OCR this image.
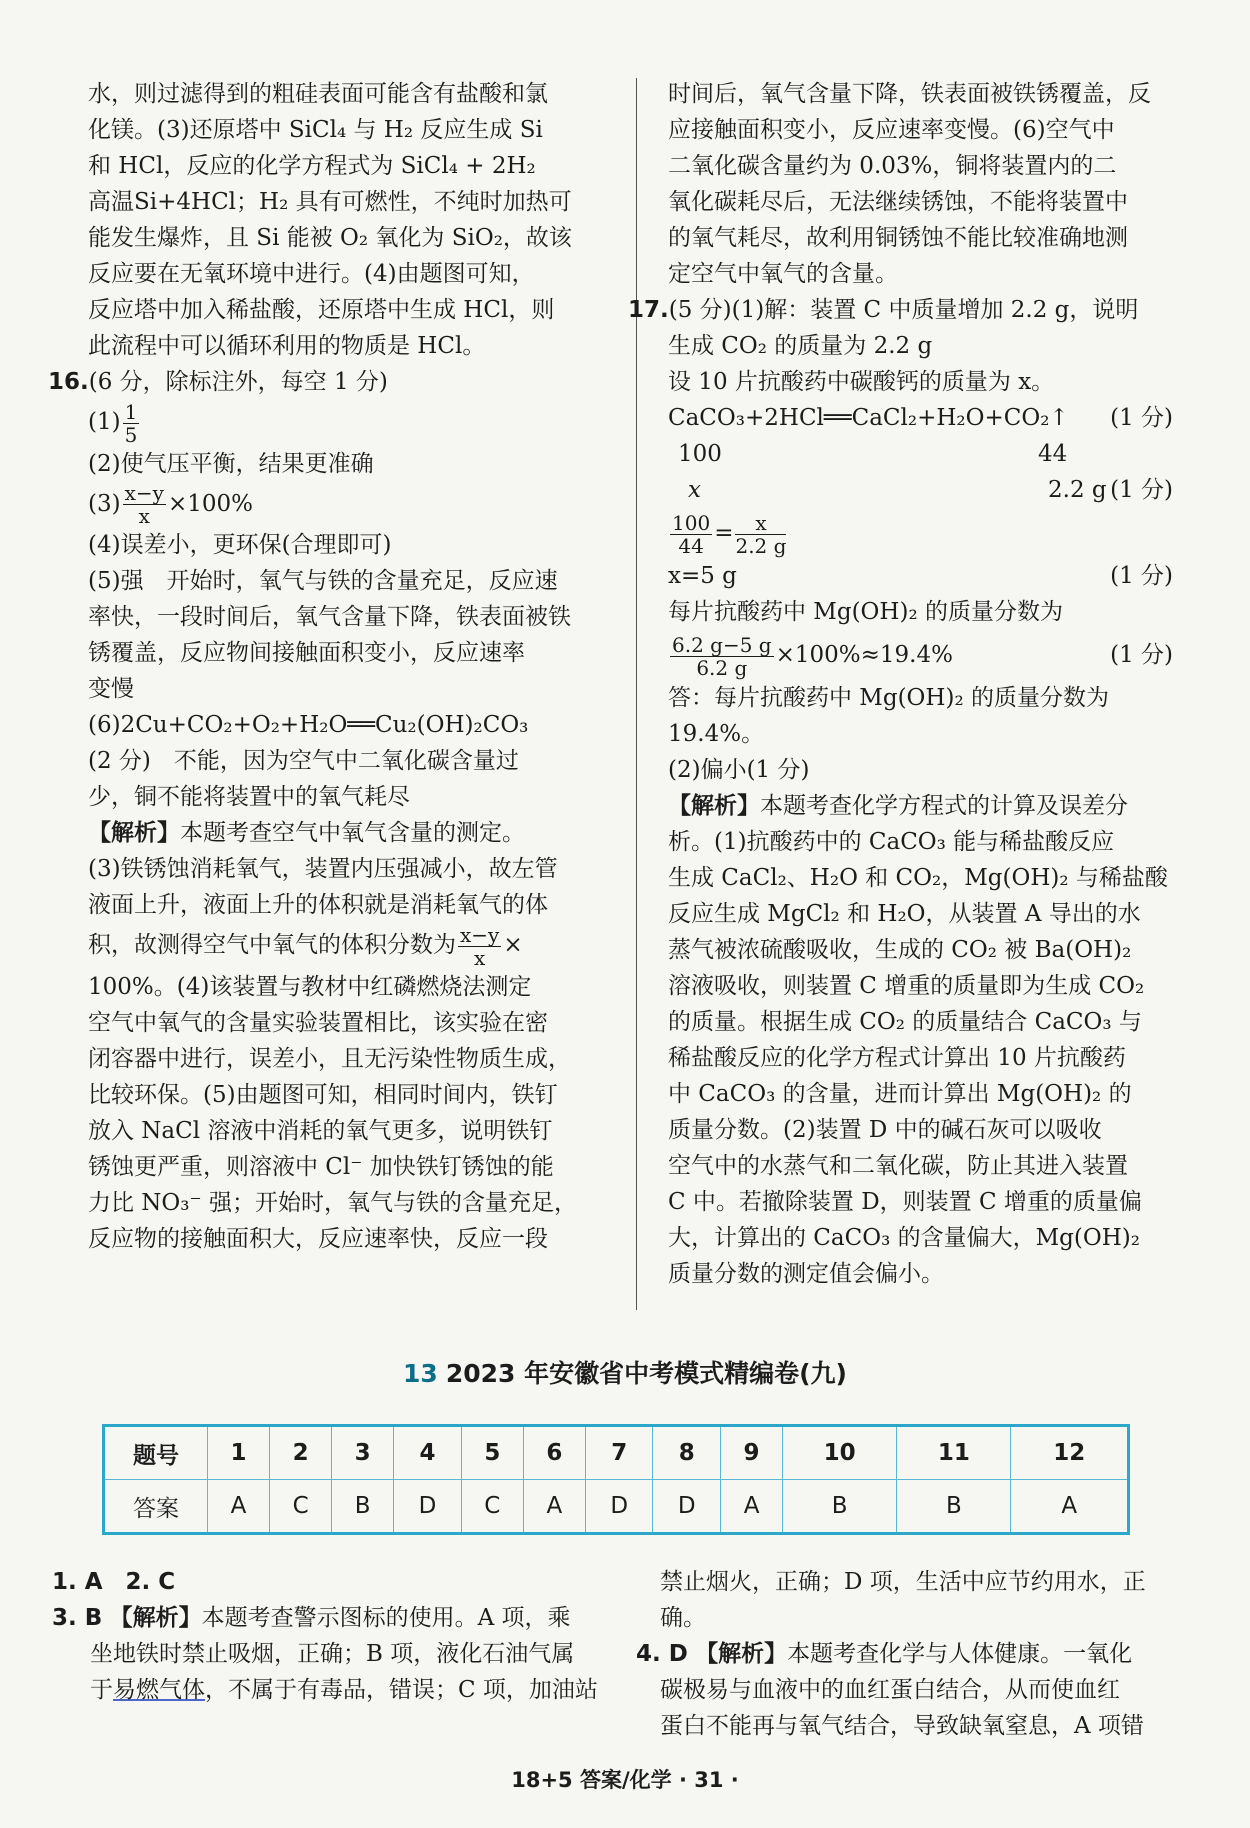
水，则过滤得到的粗硅表面可能含有盐酸和氯
化镁。(3)还原塔中 SiCl₄ 与 H₂ 反应生成 Si
和 HCl，反应的化学方程式为 SiCl₄ + 2H₂
高温Si+4HCl；H₂ 具有可燃性，不纯时加热可
能发生爆炸，且 Si 能被 O₂ 氧化为 SiO₂，故该
反应要在无氧环境中进行。(4)由题图可知，
反应塔中加入稀盐酸，还原塔中生成 HCl，则
此流程中可以循环利用的物质是 HCl。
16.(6 分，除标注外，每空 1 分)
$(1) \frac{1}{5}$
(2)使气压平衡，结果更准确
$(3) \frac{x-y}{x} \times 100\%$
(4)误差小，更环保(合理即可)
(5)强　开始时，氧气与铁的含量充足，反应速
率快，一段时间后，氧气含量下降，铁表面被铁
锈覆盖，反应物间接触面积变小，反应速率
变慢
(6)2Cu+CO₂+O₂+H₂O══Cu₂(OH)₂CO₃
(2 分)　不能，因为空气中二氧化碳含量过
少，铜不能将装置中的氧气耗尽
【解析】本题考查空气中氧气含量的测定。
(3)铁锈蚀消耗氧气，装置内压强减小，故左管
液面上升，液面上升的体积就是消耗氧气的体
积，故测得空气中氧气的体积分数为 $\frac{x-y}{x}$ ×
100%。(4)该装置与教材中红磷燃烧法测定
空气中氧气的含量实验装置相比，该实验在密
闭容器中进行，误差小，且无污染性物质生成，
比较环保。(5)由题图可知，相同时间内，铁钉
放入 NaCl 溶液中消耗的氧气更多，说明铁钉
锈蚀更严重，则溶液中 Cl⁻ 加快铁钉锈蚀的能
力比 NO₃⁻ 强；开始时，氧气与铁的含量充足，
反应物的接触面积大，反应速率快，反应一段
时间后，氧气含量下降，铁表面被铁锈覆盖，反
应接触面积变小，反应速率变慢。(6)空气中
二氧化碳含量约为 0.03%，铜将装置内的二
氧化碳耗尽后，无法继续锈蚀，不能将装置中
的氧气耗尽，故利用铜锈蚀不能比较准确地测
定空气中氧气的含量。
17.(5 分)(1)解：装置 C 中质量增加 2.2 g，说明
生成 CO₂ 的质量为 2.2 g
设 10 片抗酸药中碳酸钙的质量为 x。
CaCO₃+2HCl══CaCl₂+H₂O+CO₂↑ (1 分)
100	44
x	2.2 g (1 分)
$\frac{100}{44} = \frac{x}{2.2 g}$
x=5 g	(1 分)
每片抗酸药中 Mg(OH)₂ 的质量分数为
$\frac{6.2 g-5 g}{6.2 g} \times 100\%\approx 19.4\%$	(1 分)
答：每片抗酸药中 Mg(OH)₂ 的质量分数为
19.4%。
(2)偏小(1 分)
【解析】本题考查化学方程式的计算及误差分
析。(1)抗酸药中的 CaCO₃ 能与稀盐酸反应
生成 CaCl₂、H₂O 和 CO₂，Mg(OH)₂ 与稀盐酸
反应生成 MgCl₂ 和 H₂O，从装置 A 导出的水
蒸气被浓硫酸吸收，生成的 CO₂ 被 Ba(OH)₂
溶液吸收，则装置 C 增重的质量即为生成 CO₂
的质量。根据生成 CO₂ 的质量结合 CaCO₃ 与
稀盐酸反应的化学方程式计算出 10 片抗酸药
中 CaCO₃ 的含量，进而计算出 Mg(OH)₂ 的
质量分数。(2)装置 D 中的碱石灰可以吸收
空气中的水蒸气和二氧化碳，防止其进入装置
C 中。若撤除装置 D，则装置 C 增重的质量偏
大，计算出的 CaCO₃ 的含量偏大，Mg(OH)₂
质量分数的测定值会偏小。
13 2023 年安徽省中考模式精编卷(九)
题号	1	2	3	4	5	6	7	8	9	10	11	12
答案	A	C	B	D	C	A	D	D	A	B	B	A
1. A　2. C
3. B 【解析】本题考查警示图标的使用。A 项，乘
坐地铁时禁止吸烟，正确；B 项，液化石油气属
于易燃气体，不属于有毒品，错误；C 项，加油站
禁止烟火，正确；D 项，生活中应节约用水，正确。
4. D 【解析】本题考查化学与人体健康。一氧化
碳极易与血液中的血红蛋白结合，从而使血红
蛋白不能再与氧气结合，导致缺氧窒息，A 项错
18+5 答案/化学 · 31 ·
